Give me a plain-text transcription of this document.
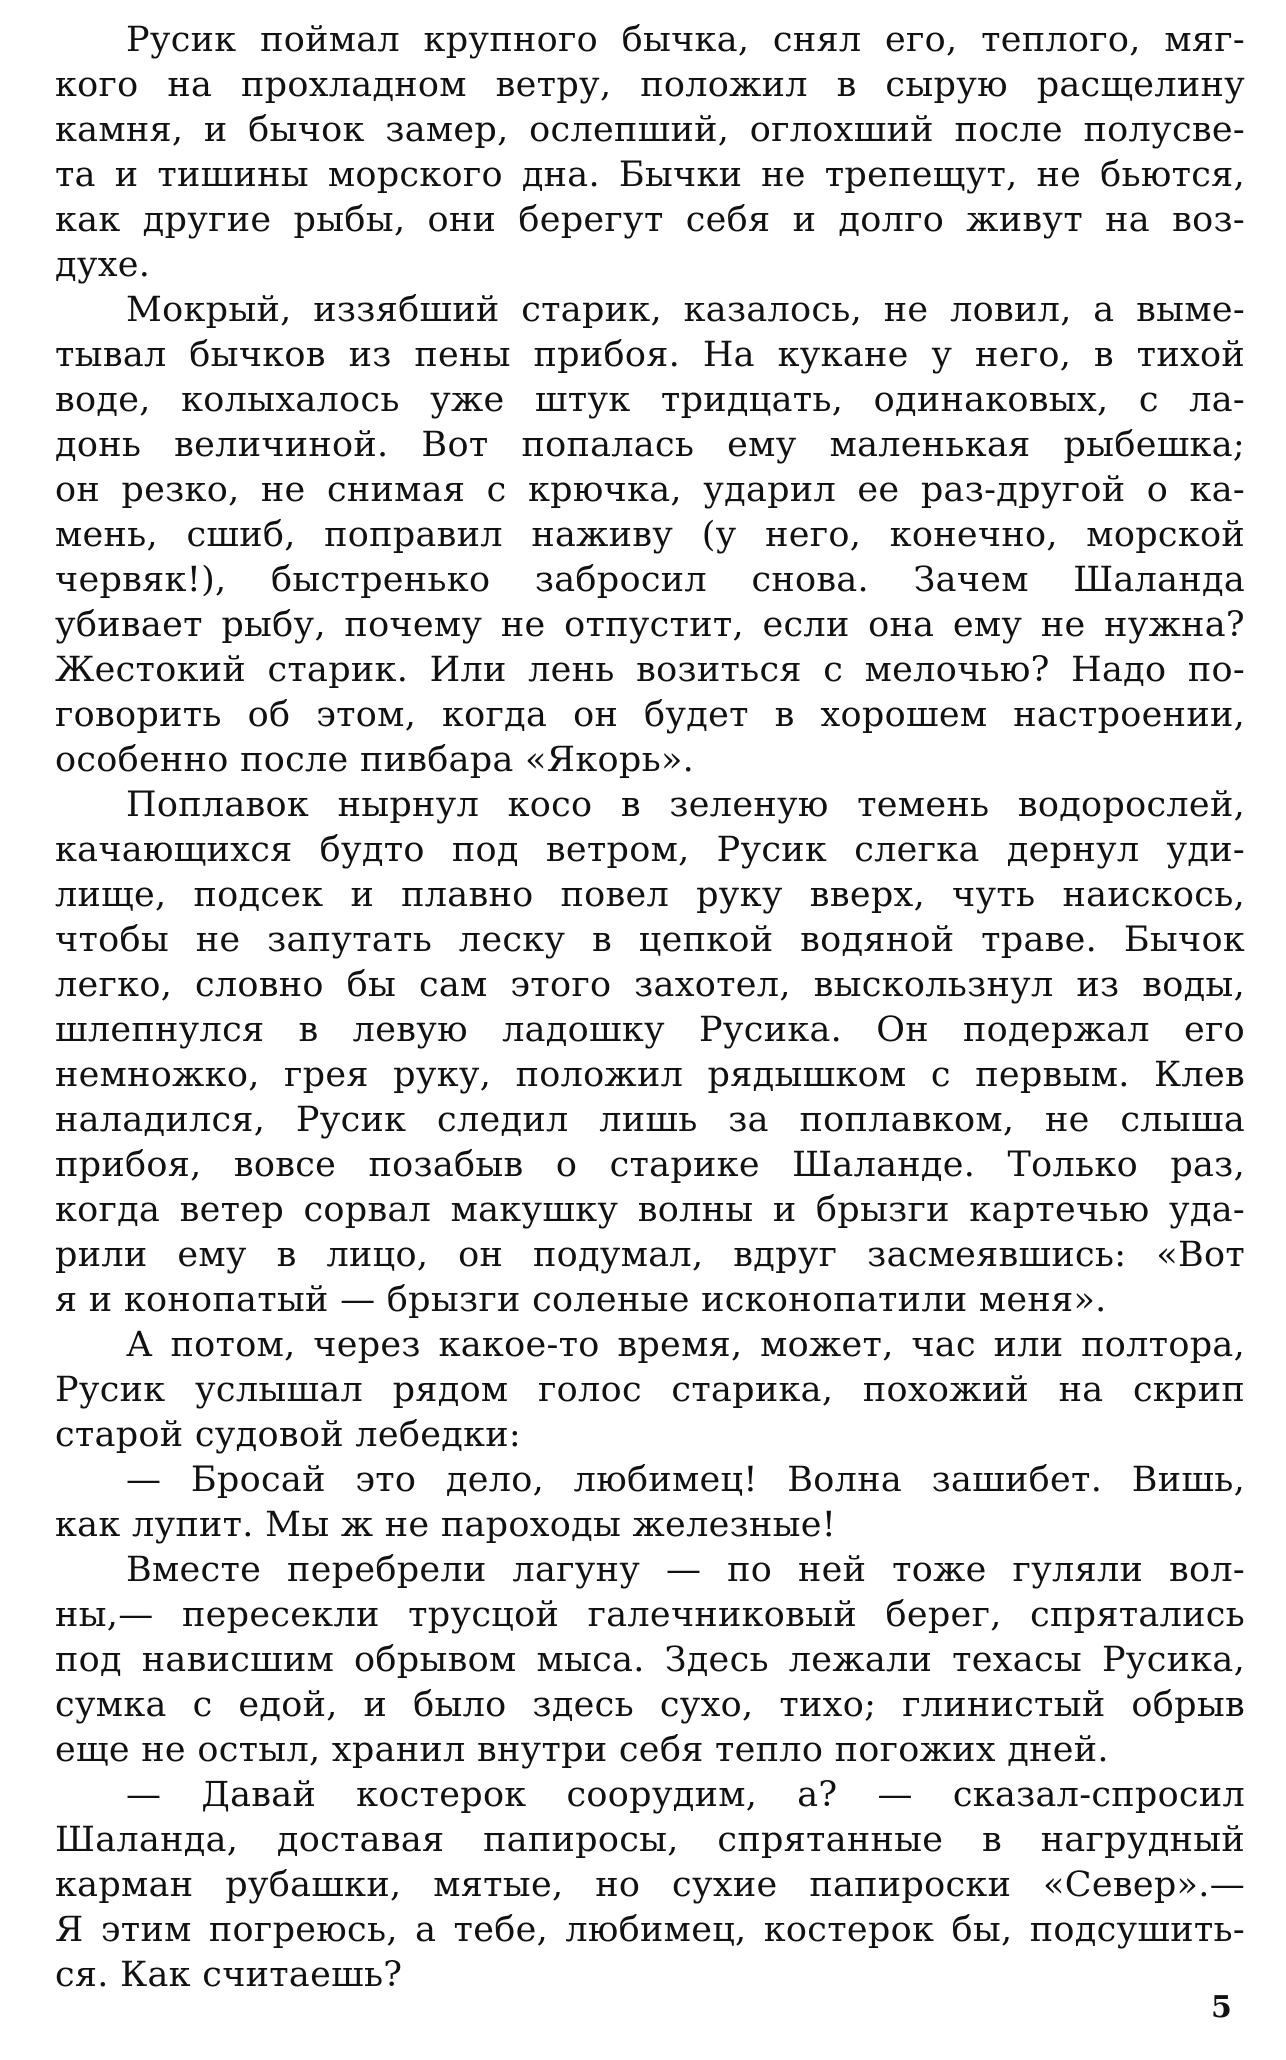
Русик поймал крупного бычка, снял его, теплого, мяг-
кого на прохладном ветру, положил в сырую расщелину
камня, и бычок замер, ослепший, оглохший после полусве-
та и тишины морского дна. Бычки не трепещут, не бьются,
как другие рыбы, они берегут себя и долго живут на воз-
духе.
Мокрый, иззябший старик, казалось, не ловил, а выме-
тывал бычков из пены прибоя. На кукане у него, в тихой
воде, колыхалось уже штук тридцать, одинаковых, с ла-
донь величиной. Вот попалась ему маленькая рыбешка;
он резко, не снимая с крючка, ударил ее раз-другой о ка-
мень, сшиб, поправил наживу (у него, конечно, морской
червяк!), быстренько забросил снова. Зачем Шаланда
убивает рыбу, почему не отпустит, если она ему не нужна?
Жестокий старик. Или лень возиться с мелочью? Надо по-
говорить об этом, когда он будет в хорошем настроении,
особенно после пивбара «Якорь».
Поплавок нырнул косо в зеленую темень водорослей,
качающихся будто под ветром, Русик слегка дернул уди-
лище, подсек и плавно повел руку вверх, чуть наискось,
чтобы не запутать леску в цепкой водяной траве. Бычок
легко, словно бы сам этого захотел, выскользнул из воды,
шлепнулся в левую ладошку Русика. Он подержал его
немножко, грея руку, положил рядышком с первым. Клев
наладился, Русик следил лишь за поплавком, не слыша
прибоя, вовсе позабыв о старике Шаланде. Только раз,
когда ветер сорвал макушку волны и брызги картечью уда-
рили ему в лицо, он подумал, вдруг засмеявшись: «Вот
я и конопатый — брызги соленые исконопатили меня».
А потом, через какое-то время, может, час или полтора,
Русик услышал рядом голос старика, похожий на скрип
старой судовой лебедки:
— Бросай это дело, любимец! Волна зашибет. Вишь,
как лупит. Мы ж не пароходы железные!
Вместе перебрели лагуну — по ней тоже гуляли вол-
ны,— пересекли трусцой галечниковый берег, спрятались
под нависшим обрывом мыса. Здесь лежали техасы Русика,
сумка с едой, и было здесь сухо, тихо; глинистый обрыв
еще не остыл, хранил внутри себя тепло погожих дней.
— Давай костерок соорудим, а? — сказал-спросил
Шаланда, доставая папиросы, спрятанные в нагрудный
карман рубашки, мятые, но сухие папироски «Север».—
Я этим погреюсь, а тебе, любимец, костерок бы, подсушить-
ся. Как считаешь?
5
